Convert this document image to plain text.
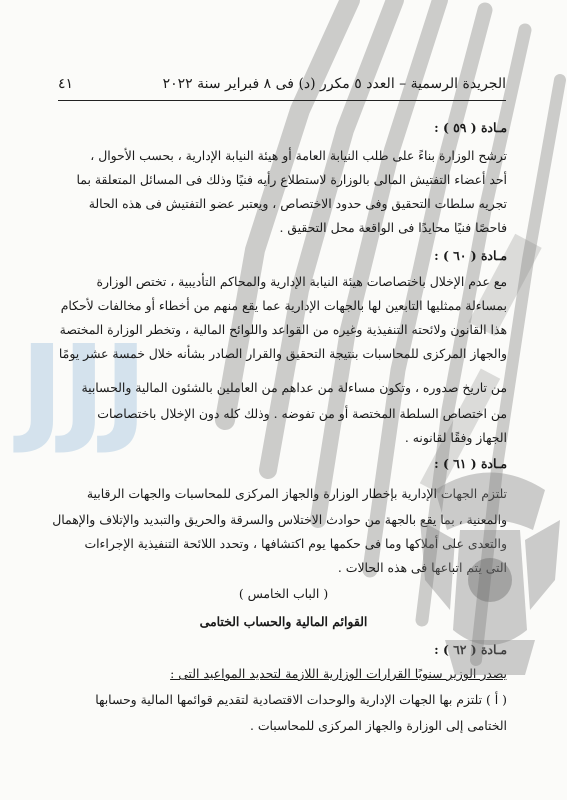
JJJ
الجريدة الرسمية – العدد ٥ مكرر (د) فى ٨ فبراير سنة ٢٠٢٢
٤١
مـادة ( ٥٩ ) :
ترشح الوزارة بناءً على طلب النيابة العامة أو هيئة النيابة الإدارية ، بحسب الأحوال ،
أحد أعضاء التفتيش المالى بالوزارة لاستطلاع رأيه فنيًا وذلك فى المسائل المتعلقة بما
تجريه سلطات التحقيق وفى حدود الاختصاص ، ويعتبر عضو التفتيش فى هذه الحالة
فاحصًا فنيًا محايدًا فى الواقعة محل التحقيق .
مـادة ( ٦٠ ) :
مع عدم الإخلال باختصاصات هيئة النيابة الإدارية والمحاكم التأديبية ، تختص الوزارة
بمساءلة ممثليها التابعين لها بالجهات الإدارية عما يقع منهم من أخطاء أو مخالفات لأحكام
هذا القانون ولائحته التنفيذية وغيره من القواعد واللوائح المالية ، وتخطر الوزارة المختصة
والجهاز المركزى للمحاسبات بنتيجة التحقيق والقرار الصادر بشأنه خلال خمسة عشر يومًا
من تاريخ صدوره ، وتكون مساءلة من عداهم من العاملين بالشئون المالية والحسابية
من اختصاص السلطة المختصة أو من تفوضه . وذلك كله دون الإخلال باختصاصات
الجهاز وفقًا لقانونه .
مـادة ( ٦١ ) :
تلتزم الجهات الإدارية بإخطار الوزارة والجهاز المركزى للمحاسبات والجهات الرقابية
والمعنية ، بما يقع بالجهة من حوادث الاختلاس والسرقة والحريق والتبديد والإتلاف والإهمال
والتعدى على أملاكها وما فى حكمها يوم اكتشافها ، وتحدد اللائحة التنفيذية الإجراءات
التى يتم اتباعها فى هذه الحالات .
( الباب الخامس )
القوائم المالية والحساب الختامى
مـادة ( ٦٢ ) :
يصدر الوزير سنويًا القرارات الوزارية اللازمة لتحديد المواعيد التى :
( أ ) تلتزم بها الجهات الإدارية والوحدات الاقتصادية لتقديم قوائمها المالية وحسابها
الختامى إلى الوزارة والجهاز المركزى للمحاسبات .
